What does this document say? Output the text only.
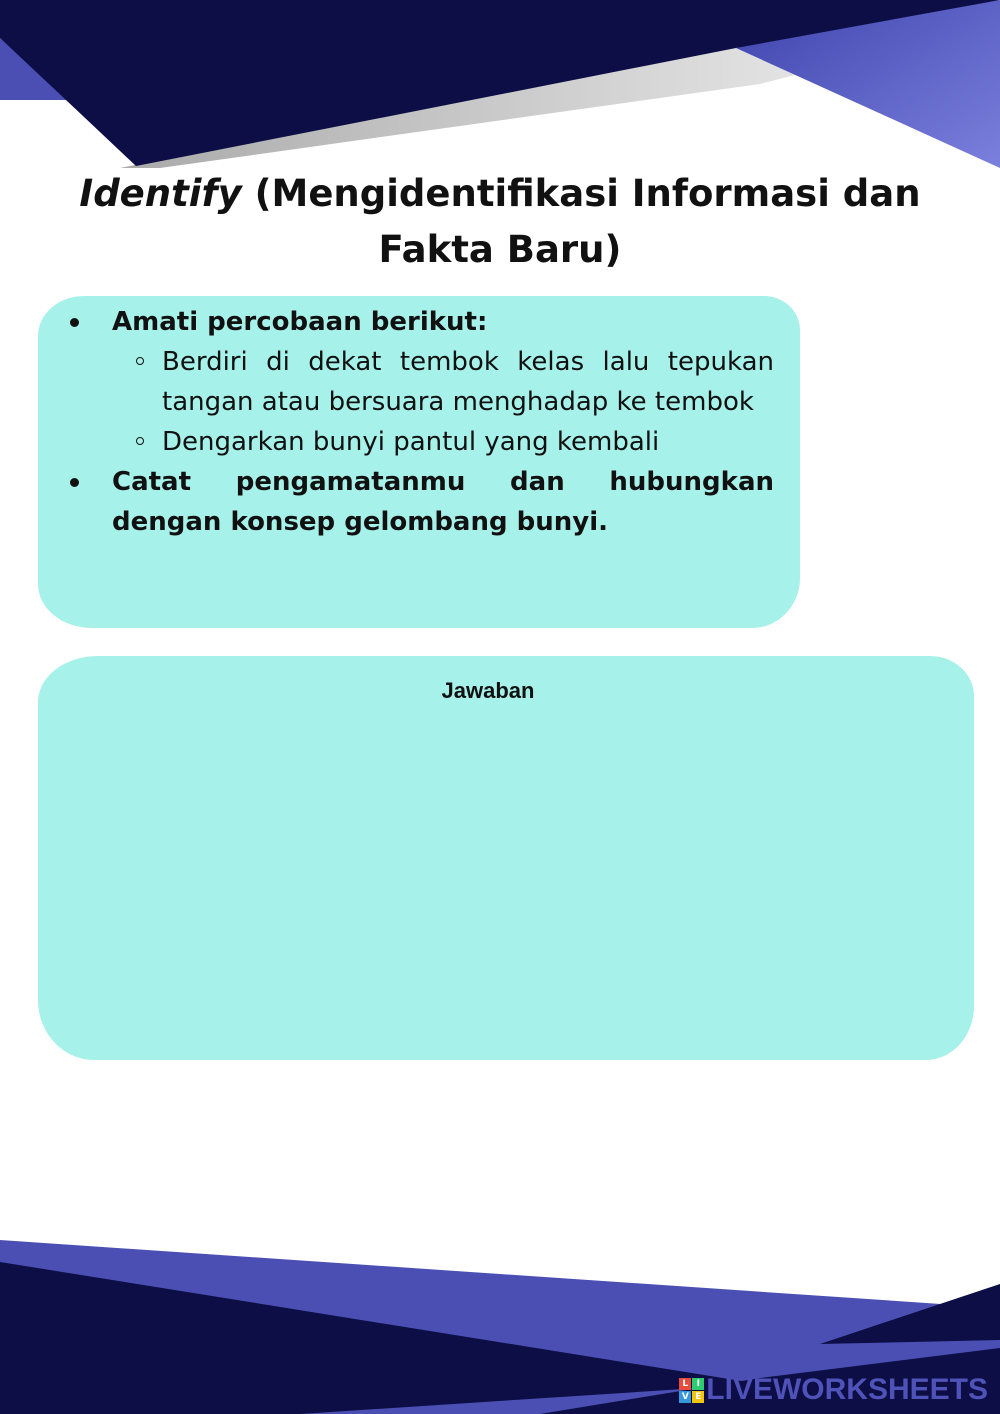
Identify (Mengidentifikasi Informasi dan Fakta Baru)
Amati percobaan berikut:
Berdiri di dekat tembok kelas lalu tepukan tangan atau bersuara menghadap ke tembok
Dengarkan bunyi pantul yang kembali
Catat pengamatanmu dan hubungkan dengan konsep gelombang bunyi.
Jawaban
L I
V E LIVEWORKSHEETS
